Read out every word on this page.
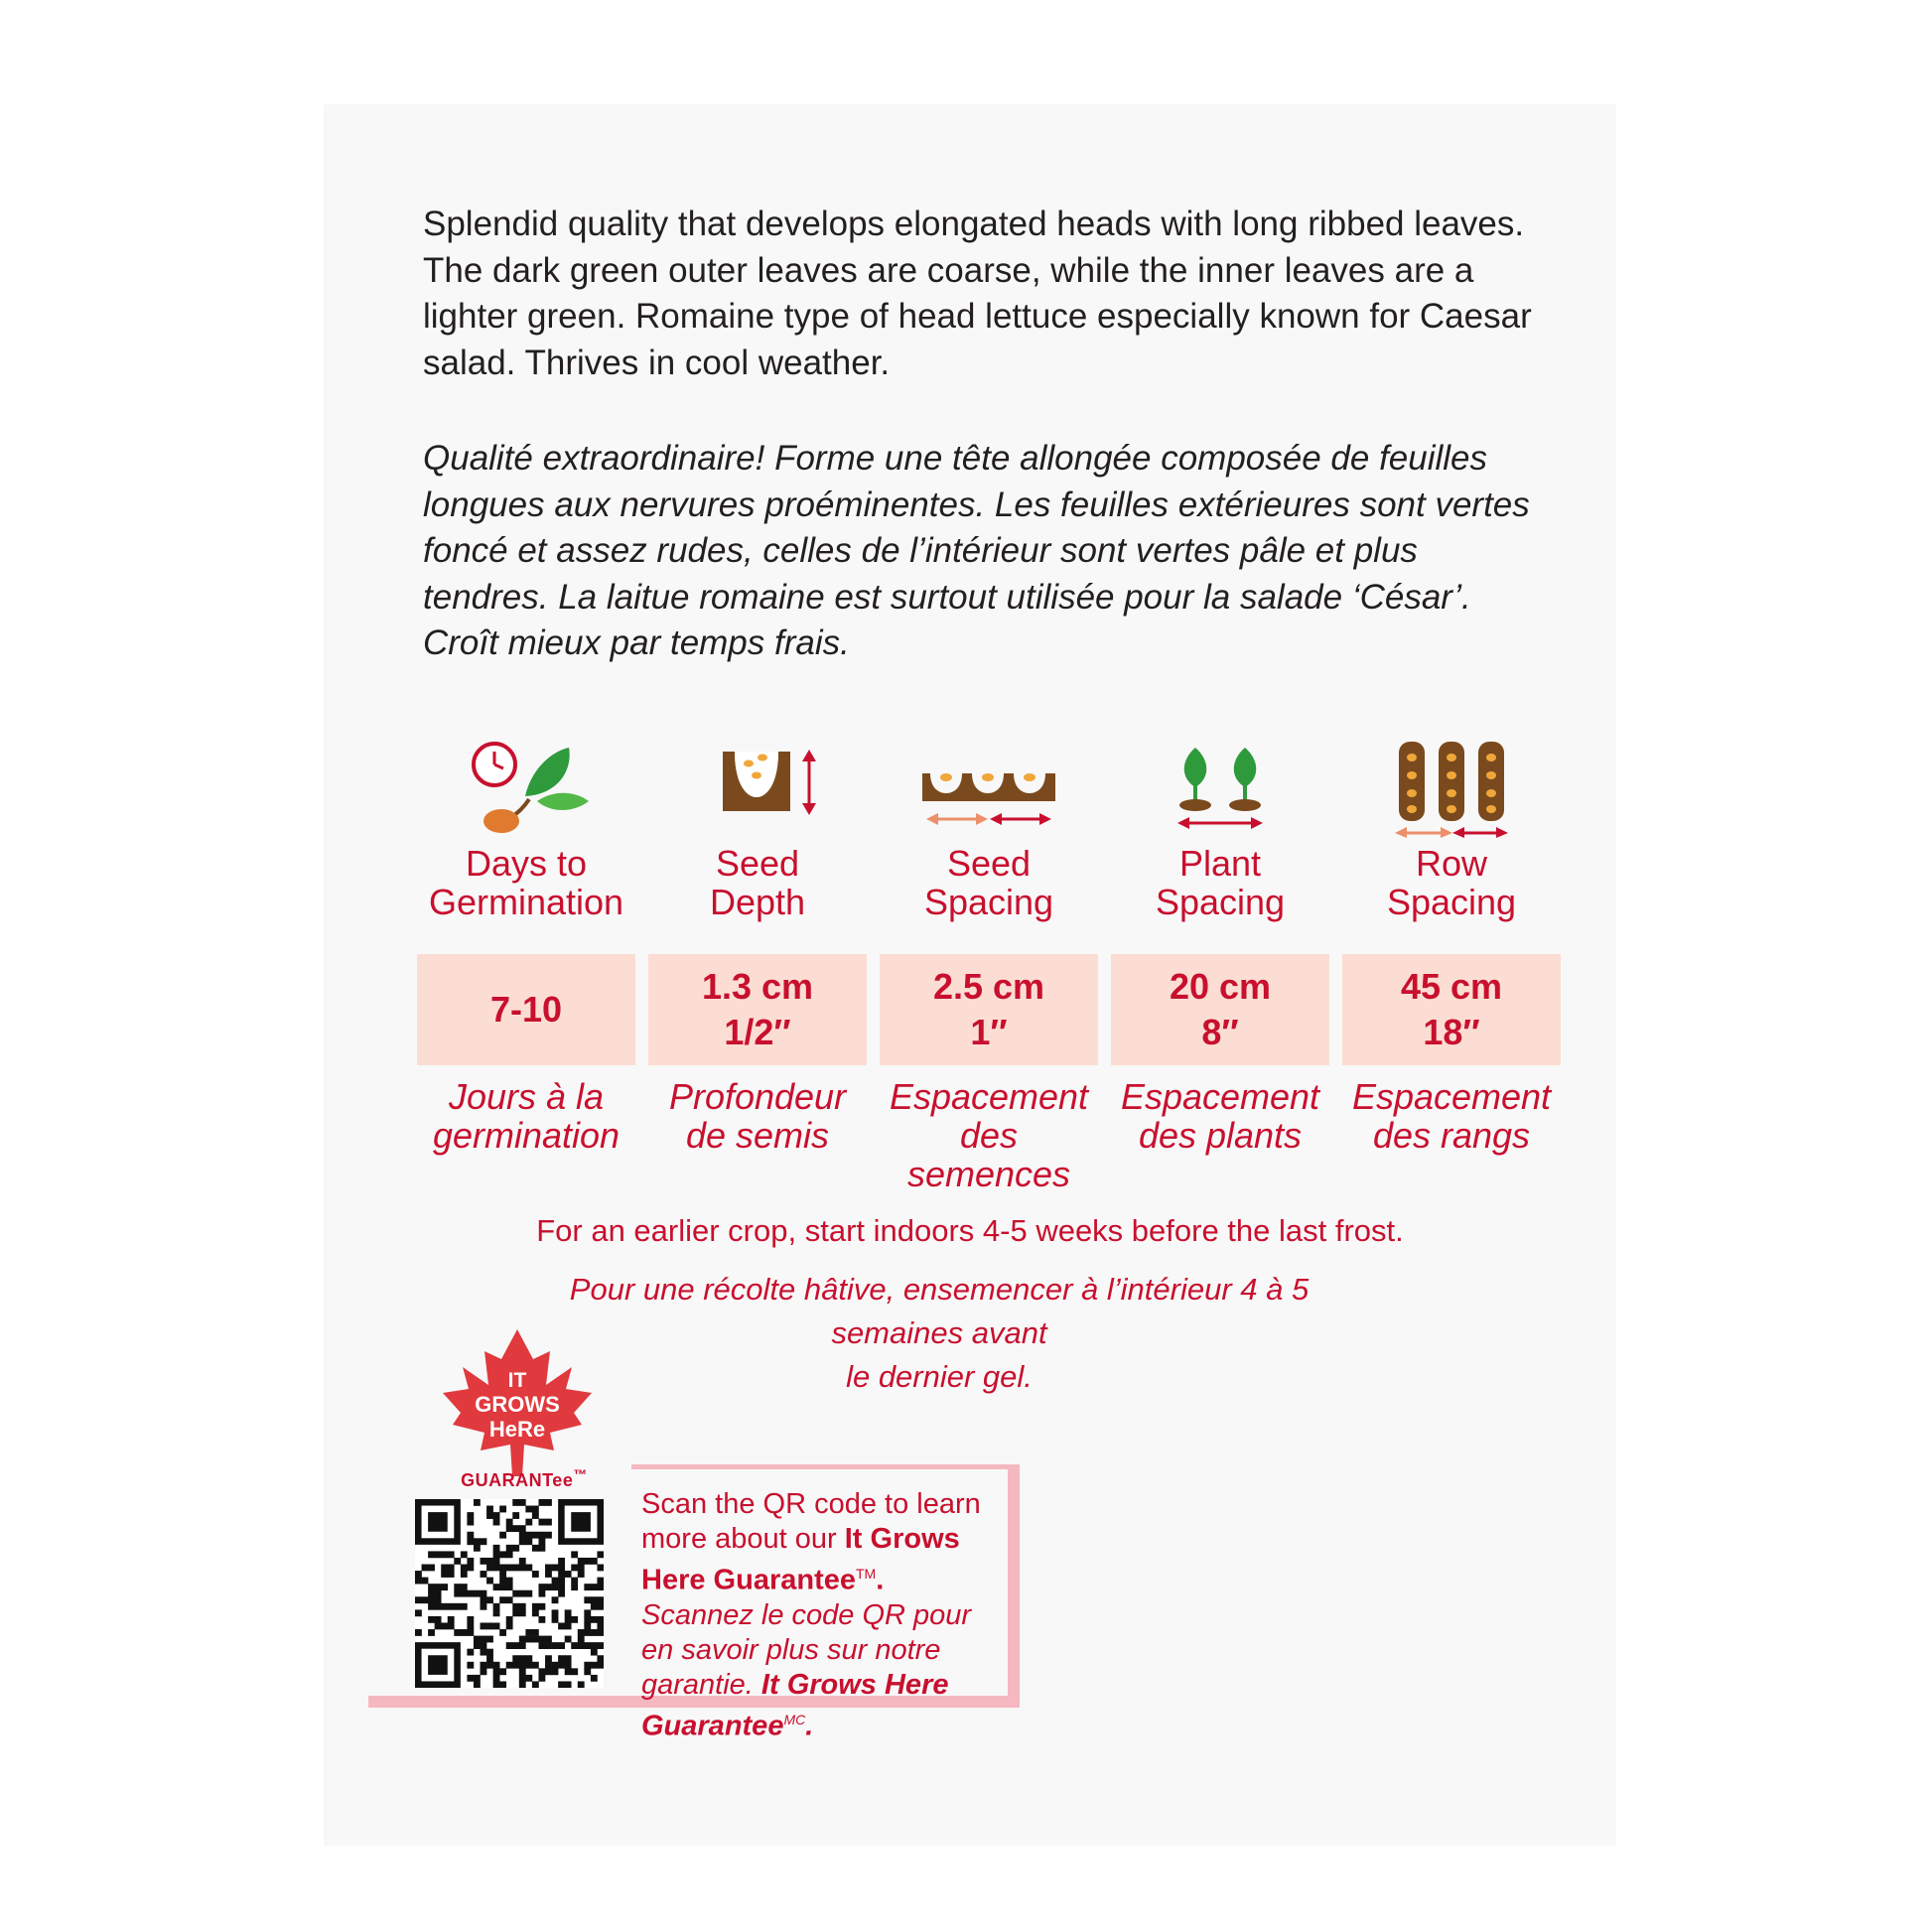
Splendid quality that develops elongated heads with long ribbed leaves. The dark green outer leaves are coarse, while the inner leaves are a lighter green. Romaine type of head lettuce especially known for Caesar salad. Thrives in cool weather.

Qualité extraordinaire! Forme une tête allongée composée de feuilles longues aux nervures proéminentes. Les feuilles extérieures sont vertes foncé et assez rudes, celles de l’intérieur sont vertes pâle et plus tendres. La laitue romaine est surtout utilisée pour la salade ‘César’. Croît mieux par temps frais.

Days to
Germination
7-10
Jours à la
germination
Seed
Depth
1.3 cm
1/2″
Profondeur
de semis
Seed
Spacing
2.5 cm
1″
Espacement
des semences
Plant
Spacing
20 cm
8″
Espacement
des plants
Row
Spacing
45 cm
18″
Espacement
des rangs
For an earlier crop, start indoors 4-5 weeks before the last frost.
Pour une récolte hâtive, ensemencer à l’intérieur 4 à 5 semaines avant
le dernier gel.
IT
GROWS
HeRe
GUARANTee™
Scan the QR code to learn more about our It Grows Here Guarantee™.
Scannez le code QR pour en savoir plus sur notre garantie. It Grows Here Guarantee$^{MC}$.
